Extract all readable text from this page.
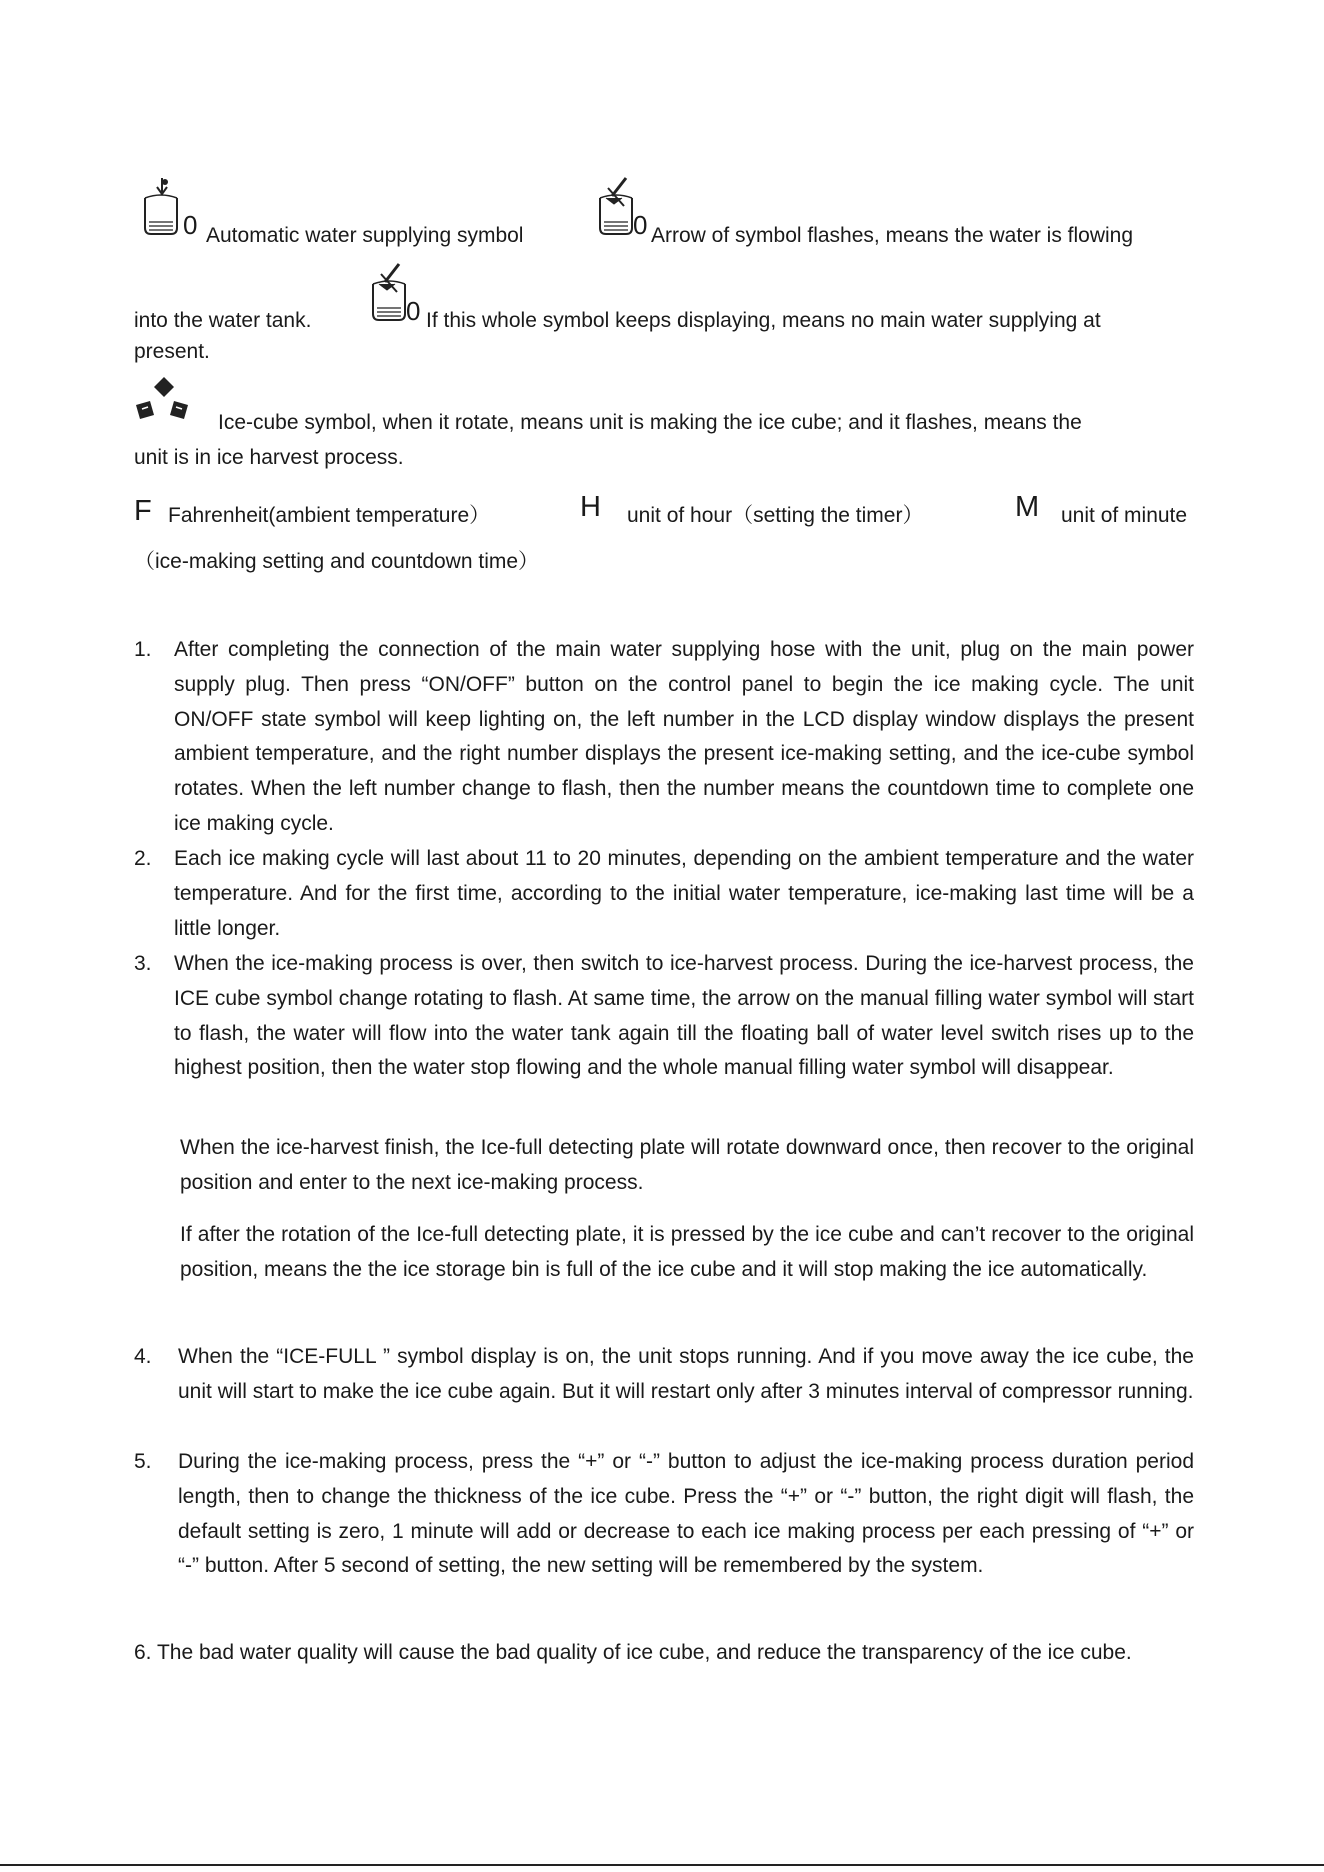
0 Automatic water supplying symbol	0 Arrow of symbol flashes, means the water is flowing
into the water tank.	0 If this whole symbol keeps displaying, means no main water supplying at
present.
Ice-cube symbol, when it rotate, means unit is making the ice cube; and it flashes, means the
unit is in ice harvest process.
F Fahrenheit(ambient temperature）	H unit of hour（setting the timer）	M unit of minute
（ice-making setting and countdown time）
1. After completing the connection of the main water supplying hose with the unit, plug on the main power supply plug. Then press “ON/OFF” button on the control panel to begin the ice making cycle. The unit ON/OFF state symbol will keep lighting on, the left number in the LCD display window displays the present ambient temperature, and the right number displays the present ice-making setting, and the ice-cube symbol rotates. When the left number change to flash, then the number means the countdown time to complete one ice making cycle.
2. Each ice making cycle will last about 11 to 20 minutes, depending on the ambient temperature and the water temperature. And for the first time, according to the initial water temperature, ice-making last time will be a little longer.
3. When the ice-making process is over, then switch to ice-harvest process. During the ice-harvest process, the ICE cube symbol change rotating to flash. At same time, the arrow on the manual filling water symbol will start to flash, the water will flow into the water tank again till the floating ball of water level switch rises up to the highest position, then the water stop flowing and the whole manual filling water symbol will disappear.
When the ice-harvest finish, the Ice-full detecting plate will rotate downward once, then recover to the original position and enter to the next ice-making process.
If after the rotation of the Ice-full detecting plate, it is pressed by the ice cube and can’t recover to the original position, means the the ice storage bin is full of the ice cube and it will stop making the ice automatically.
4. When the “ICE-FULL ” symbol display is on, the unit stops running. And if you move away the ice cube, the unit will start to make the ice cube again. But it will restart only after 3 minutes interval of compressor running.
5. During the ice-making process, press the “+” or “-” button to adjust the ice-making process duration period length, then to change the thickness of the ice cube. Press the “+” or “-” button, the right digit will flash, the default setting is zero, 1 minute will add or decrease to each ice making process per each pressing of “+” or “-” button. After 5 second of setting, the new setting will be remembered by the system.
6. The bad water quality will cause the bad quality of ice cube, and reduce the transparency of the ice cube.
